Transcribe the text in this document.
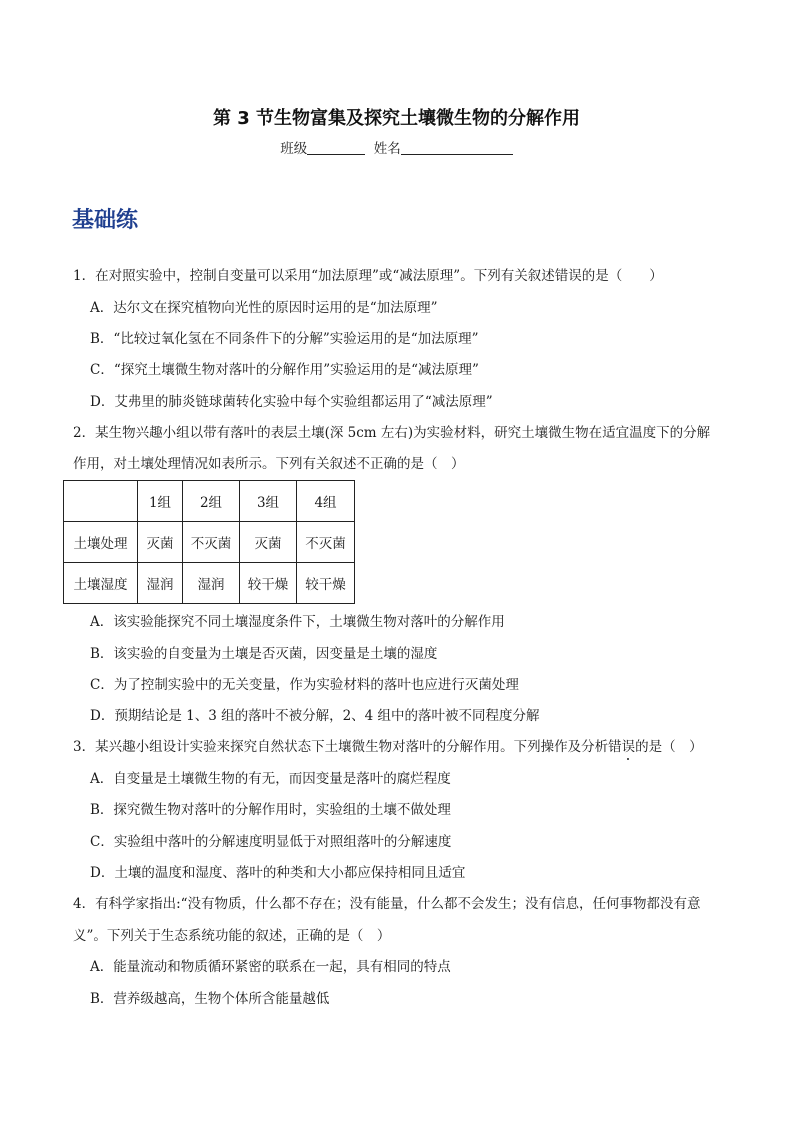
第 3 节生物富集及探究土壤微生物的分解作用
班级	姓名
基础练
1．在对照实验中，控制自变量可以采用“加法原理”或“减法原理”。下列有关叙述错误的是（　　）
A．达尔文在探究植物向光性的原因时运用的是“加法原理”
B．“比较过氧化氢在不同条件下的分解”实验运用的是“加法原理”
C．“探究土壤微生物对落叶的分解作用”实验运用的是“减法原理”
D．艾弗里的肺炎链球菌转化实验中每个实验组都运用了“减法原理”
2．某生物兴趣小组以带有落叶的表层土壤(深 5cm 左右)为实验材料，研究土壤微生物在适宜温度下的分解
作用，对土壤处理情况如表所示。下列有关叙述不正确的是（　）
	1组	2组	3组	4组
土壤处理	灭菌	不灭菌	灭菌	不灭菌
土壤湿度	湿润	湿润	较干燥	较干燥
A．该实验能探究不同土壤湿度条件下，土壤微生物对落叶的分解作用
B．该实验的自变量为土壤是否灭菌，因变量是土壤的湿度
C．为了控制实验中的无关变量，作为实验材料的落叶也应进行灭菌处理
D．预期结论是 1、3 组的落叶不被分解，2、4 组中的落叶被不同程度分解
3．某兴趣小组设计实验来探究自然状态下土壤微生物对落叶的分解作用。下列操作及分析错误的是（　）
A．自变量是土壤微生物的有无，而因变量是落叶的腐烂程度
B．探究微生物对落叶的分解作用时，实验组的土壤不做处理
C．实验组中落叶的分解速度明显低于对照组落叶的分解速度
D．土壤的温度和湿度、落叶的种类和大小都应保持相同且适宜
4．有科学家指出:“没有物质，什么都不存在；没有能量，什么都不会发生；没有信息，任何事物都没有意
义”。下列关于生态系统功能的叙述，正确的是（　）
A．能量流动和物质循环紧密的联系在一起，具有相同的特点
B．营养级越高，生物个体所含能量越低
